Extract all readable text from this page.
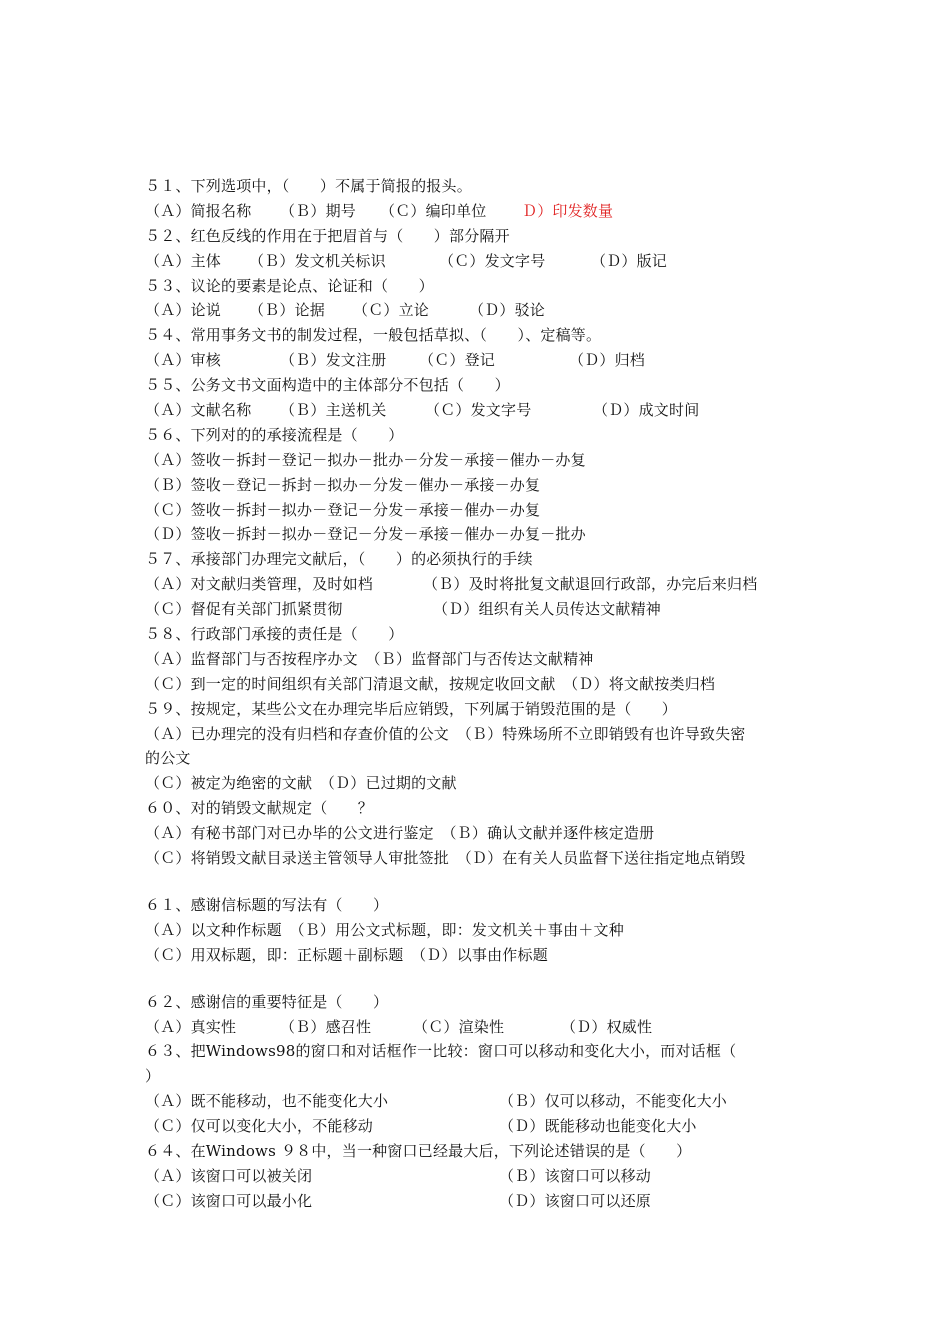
５１、下列选项中，（　　）不属于简报的报头。
（Ａ）简报名称 （Ｂ）期号 （Ｃ）编印单位 Ｄ）印发数量
５２、红色反线的作用在于把眉首与（　　）部分隔开
（Ａ）主体 （Ｂ）发文机关标识	（Ｃ）发文字号	（Ｄ）版记
５３、议论的要素是论点、论证和（　　）
（Ａ）论说 （Ｂ）论据 （Ｃ）立论	（Ｄ）驳论
５４、常用事务文书的制发过程，一般包括草拟、（　　）、定稿等。
（Ａ）审核	（Ｂ）发文注册 （Ｃ）登记	（Ｄ）归档
５５、公务文书文面构造中的主体部分不包括（　　）
（Ａ）文献名称 （Ｂ）主送机关	（Ｃ）发文字号	（Ｄ）成文时间
５６、下列对的的承接流程是（　　）
（Ａ）签收－拆封－登记－拟办－批办－分发－承接－催办－办复
（Ｂ）签收－登记－拆封－拟办－分发－催办－承接－办复
（Ｃ）签收－拆封－拟办－登记－分发－承接－催办－办复
（Ｄ）签收－拆封－拟办－登记－分发－承接－催办－办复－批办
５７、承接部门办理完文献后，（　　）的必须执行的手续
（Ａ）对文献归类管理，及时如档	（Ｂ）及时将批复文献退回行政部，办完后来归档
（Ｃ）督促有关部门抓紧贯彻	（Ｄ）组织有关人员传达文献精神
５８、行政部门承接的责任是（　　）
（Ａ）监督部门与否按程序办文　（Ｂ）监督部门与否传达文献精神
（Ｃ）到一定的时间组织有关部门清退文献，按规定收回文献　（Ｄ）将文献按类归档
５９、按规定，某些公文在办理完毕后应销毁，下列属于销毁范围的是（　　）
（Ａ）已办理完的没有归档和存查价值的公文　（Ｂ）特殊场所不立即销毁有也许导致失密
的公文
（Ｃ）被定为绝密的文献　（Ｄ）已过期的文献
６０、对的销毁文献规定（　　？
（Ａ）有秘书部门对已办毕的公文进行鉴定　（Ｂ）确认文献并逐件核定造册
（Ｃ）将销毁文献目录送主管领导人审批签批　（Ｄ）在有关人员监督下送往指定地点销毁
６１、感谢信标题的写法有（　　）
（Ａ）以文种作标题　（Ｂ）用公文式标题，即：发文机关＋事由＋文种
（Ｃ）用双标题，即：正标题＋副标题　（Ｄ）以事由作标题
６２、感谢信的重要特征是（　　）
（Ａ）真实性	（Ｂ）感召性	（Ｃ）渲染性	（Ｄ）权威性
６３、把Windows98的窗口和对话框作一比较：窗口可以移动和变化大小，而对话框（
）
（Ａ）既不能移动，也不能变化大小	（Ｂ）仅可以移动，不能变化大小
（Ｃ）仅可以变化大小，不能移动	（Ｄ）既能移动也能变化大小
６４、在Windows ９８中，当一种窗口已经最大后，下列论述错误的是（　　）
（Ａ）该窗口可以被关闭	（Ｂ）该窗口可以移动
（Ｃ）该窗口可以最小化	（Ｄ）该窗口可以还原
